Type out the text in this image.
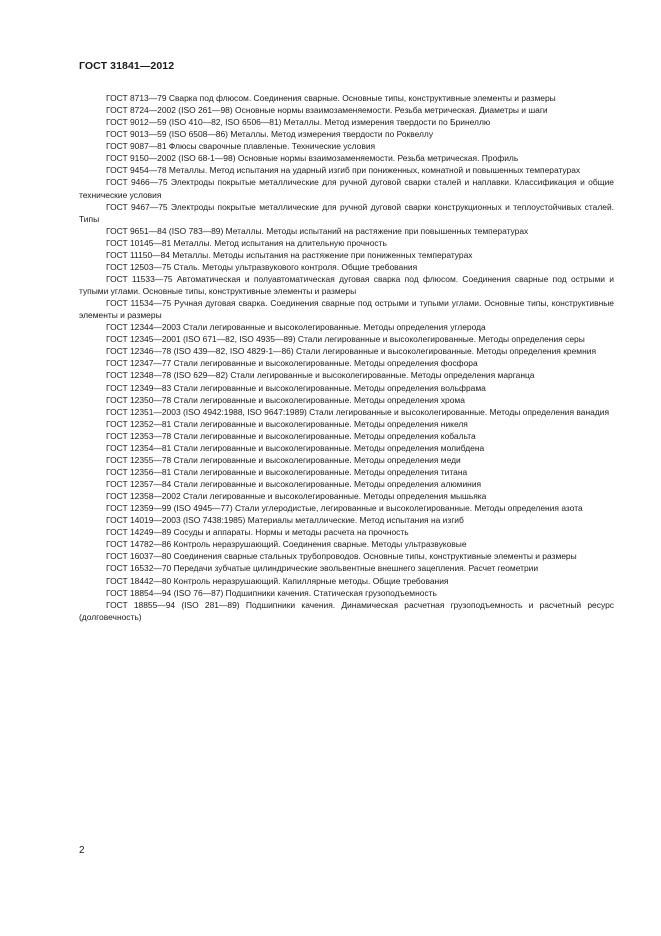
ГОСТ 31841—2012

ГОСТ 8713—79 Сварка под флюсом. Соединения сварные. Основные типы, конструктивные элементы и размеры

ГОСТ 8724—2002 (ISO 261—98) Основные нормы взаимозаменяемости. Резьба метрическая. Диаметры и шаги

ГОСТ 9012—59 (ISO 410—82, ISO 6506—81) Металлы. Метод измерения твердости по Бринеллю

ГОСТ 9013—59 (ISO 6508—86) Металлы. Метод измерения твердости по Роквеллу

ГОСТ 9087—81 Флюсы сварочные плавленые. Технические условия

ГОСТ 9150—2002 (ISO 68-1—98) Основные нормы взаимозаменяемости. Резьба метрическая. Профиль

ГОСТ 9454—78 Металлы. Метод испытания на ударный изгиб при пониженных, комнатной и повышенных температурах

ГОСТ 9466—75 Электроды покрытые металлические для ручной дуговой сварки сталей и наплавки. Классификация и общие технические условия

ГОСТ 9467—75 Электроды покрытые металлические для ручной дуговой сварки конструкционных и теплоустойчивых сталей. Типы

ГОСТ 9651—84 (ISO 783—89) Металлы. Методы испытаний на растяжение при повышенных температурах

ГОСТ 10145—81 Металлы. Метод испытания на длительную прочность

ГОСТ 11150—84 Металлы. Методы испытания на растяжение при пониженных температурах

ГОСТ 12503—75 Сталь. Методы ультразвукового контроля. Общие требования

ГОСТ 11533—75 Автоматическая и полуавтоматическая дуговая сварка под флюсом. Соединения сварные под острыми и тупыми углами. Основные типы, конструктивные элементы и размеры

ГОСТ 11534—75 Ручная дуговая сварка. Соединения сварные под острыми и тупыми углами. Основные типы, конструктивные элементы и размеры

ГОСТ 12344—2003 Стали легированные и высоколегированные. Методы определения углерода

ГОСТ 12345—2001 (ISO 671—82, ISO 4935—89) Стали легированные и высоколегированные. Методы определения серы

ГОСТ 12346—78 (ISO 439—82, ISO 4829-1—86) Стали легированные и высоколегированные. Методы определения кремния

ГОСТ 12347—77 Стали легированные и высоколегированные. Методы определения фосфора

ГОСТ 12348—78 (ISO 629—82) Стали легированные и высоколегированные. Методы определения марганца

ГОСТ 12349—83 Стали легированные и высоколегированные. Методы определения вольфрама

ГОСТ 12350—78 Стали легированные и высоколегированные. Методы определения хрома

ГОСТ 12351—2003 (ISO 4942:1988, ISO 9647:1989) Стали легированные и высоколегированные. Методы определения ванадия

ГОСТ 12352—81 Стали легированные и высоколегированные. Методы определения никеля

ГОСТ 12353—78 Стали легированные и высоколегированные. Методы определения кобальта

ГОСТ 12354—81 Стали легированные и высоколегированные. Методы определения молибдена

ГОСТ 12355—78 Стали легированные и высоколегированные. Методы определения меди

ГОСТ 12356—81 Стали легированные и высоколегированные. Методы определения титана

ГОСТ 12357—84 Стали легированные и высоколегированные. Методы определения алюминия

ГОСТ 12358—2002 Стали легированные и высоколегированные. Методы определения мышьяка

ГОСТ 12359—99 (ISO 4945—77) Стали углеродистые, легированные и высоколегированные. Методы определения азота

ГОСТ 14019—2003 (ISO 7438:1985) Материалы металлические. Метод испытания на изгиб

ГОСТ 14249—89 Сосуды и аппараты. Нормы и методы расчета на прочность

ГОСТ 14782—86 Контроль неразрушающий. Соединения сварные. Методы ультразвуковые

ГОСТ 16037—80 Соединения сварные стальных трубопроводов. Основные типы, конструктивные элементы и размеры

ГОСТ 16532—70 Передачи зубчатые цилиндрические эвольвентные внешнего зацепления. Расчет геометрии

ГОСТ 18442—80 Контроль неразрушающий. Капиллярные методы. Общие требования

ГОСТ 18854—94 (ISO 76—87) Подшипники качения. Статическая грузоподъемность

ГОСТ 18855—94 (ISO 281—89) Подшипники качения. Динамическая расчетная грузоподъемность и расчетный ресурс (долговечность)

2
